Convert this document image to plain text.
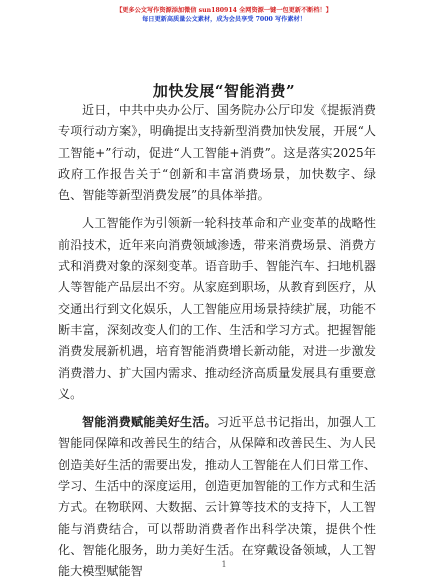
【更多公文写作资源添加微信 sun180914 全网资源一键一包更新不断档！】
每日更新高质量公文素材，成为会员享受 7000 写作素材！
加快发展“智能消费”

近日，中共中央办公厅、国务院办公厅印发《提振消费专项行动方案》，明确提出支持新型消费加快发展，开展“人工智能+”行动，促进“人工智能+消费”。这是落实2025年政府工作报告关于“创新和丰富消费场景，加快数字、绿色、智能等新型消费发展”的具体举措。

人工智能作为引领新一轮科技革命和产业变革的战略性前沿技术，近年来向消费领域渗透，带来消费场景、消费方式和消费对象的深刻变革。语音助手、智能汽车、扫地机器人等智能产品层出不穷。从家庭到职场，从教育到医疗，从交通出行到文化娱乐，人工智能应用场景持续扩展，功能不断丰富，深刻改变人们的工作、生活和学习方式。把握智能消费发展新机遇，培育智能消费增长新动能，对进一步激发消费潜力、扩大国内需求、推动经济高质量发展具有重要意义。

智能消费赋能美好生活。习近平总书记指出，加强人工智能同保障和改善民生的结合，从保障和改善民生、为人民创造美好生活的需要出发，推动人工智能在人们日常工作、学习、生活中的深度运用，创造更加智能的工作方式和生活方式。在物联网、大数据、云计算等技术的支持下，人工智能与消费结合，可以帮助消费者作出科学决策，提供个性化、智能化服务，助力美好生活。在穿戴设备领域，人工智能大模型赋能智	1
